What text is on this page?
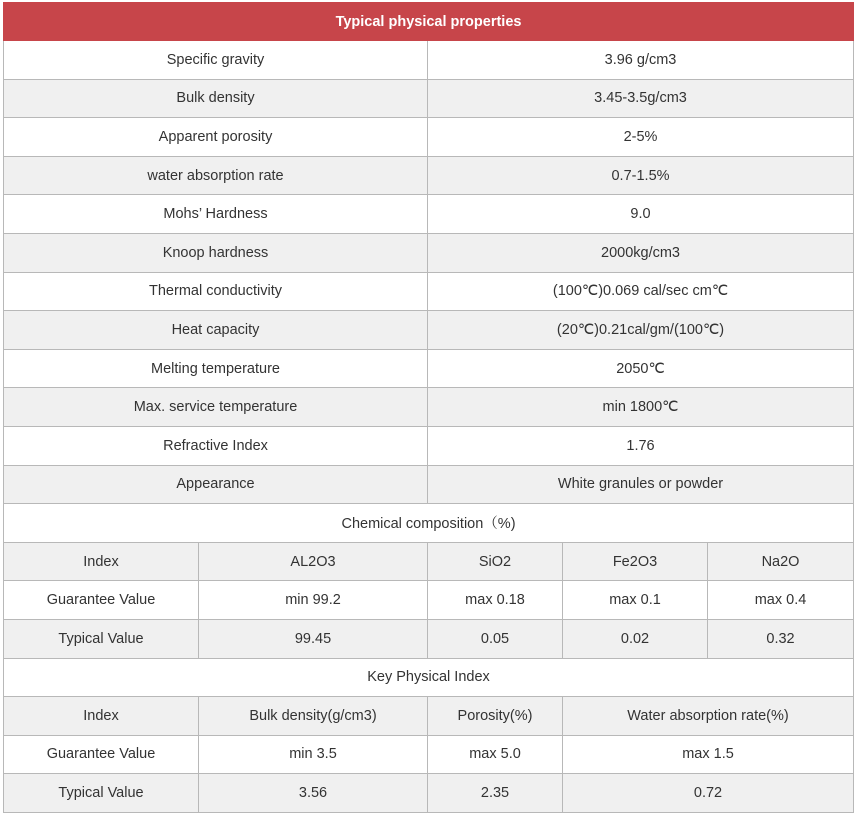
Typical physical properties				
Specific gravity		3.96 g/cm3		
Bulk density		3.45-3.5g/cm3		
Apparent porosity		2-5%		
water absorption rate		0.7-1.5%		
Mohs’ Hardness		9.0		
Knoop hardness		2000kg/cm3		
Thermal conductivity		(100℃)0.069 cal/sec cm℃		
Heat capacity		(20℃)0.21cal/gm/(100℃)		
Melting temperature		2050℃		
Max. service temperature		min 1800℃		
Refractive Index		1.76		
Appearance		White granules or powder		
Chemical composition（%)				
Index	AL2O3	SiO2	Fe2O3	Na2O
Guarantee Value	min 99.2	max 0.18	max 0.1	max 0.4
Typical Value	99.45	0.05	0.02	0.32
Key Physical Index				
Index	Bulk density(g/cm3)	Porosity(%)	Water absorption rate(%)	
Guarantee Value	min 3.5	max 5.0	max 1.5	
Typical Value	3.56	2.35	0.72	
